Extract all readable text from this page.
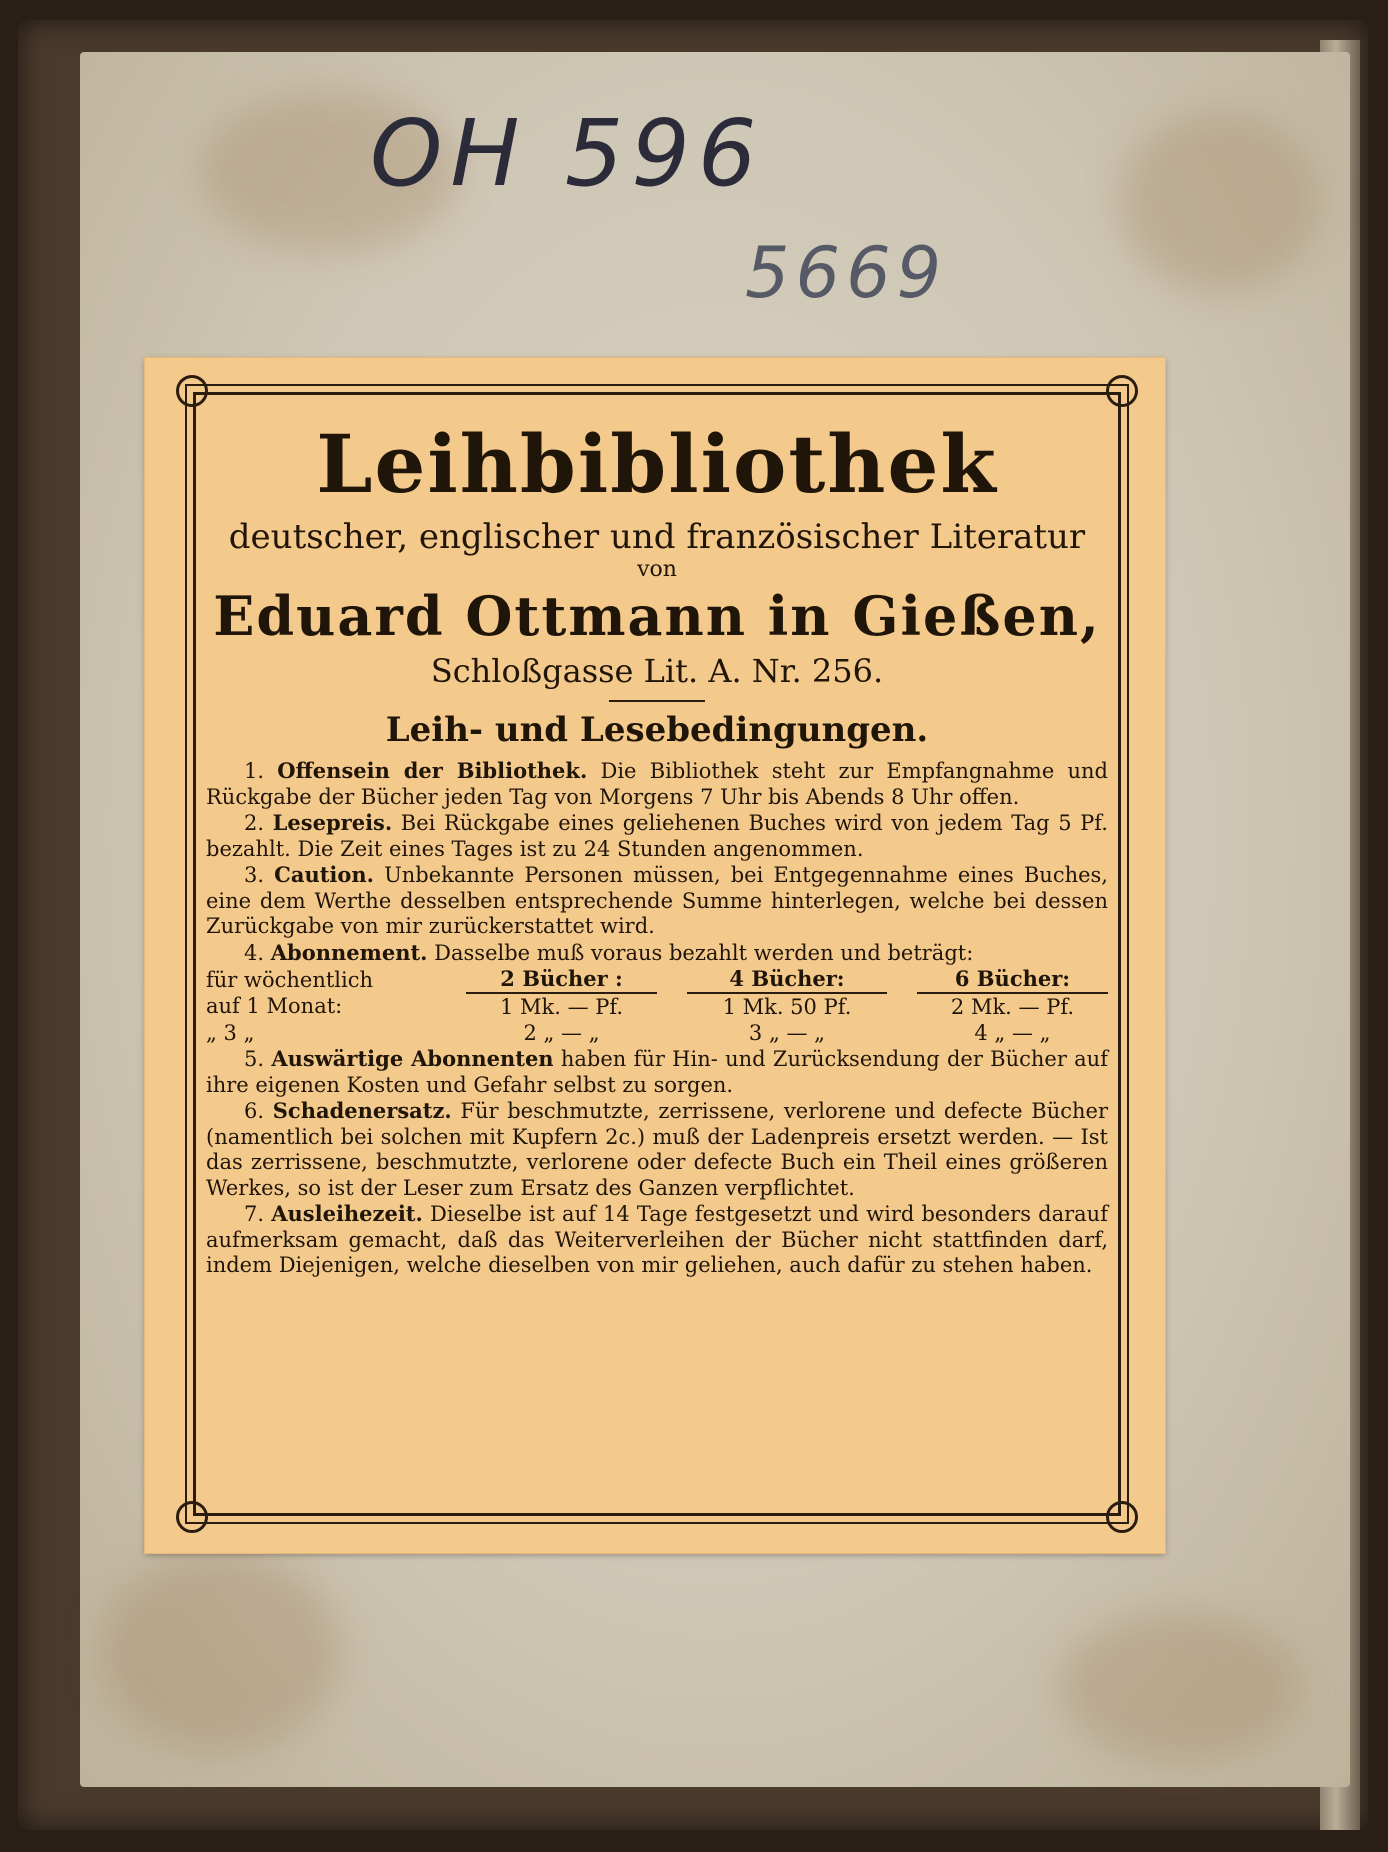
OH 596
5669
Leihbibliothek

deutscher, englischer und französischer Literatur

von

Eduard Ottmann in Gießen,

Schloßgasse Lit. A. Nr. 256.

Leih- und Lesebedingungen.

1. Offensein der Bibliothek. Die Bibliothek steht zur Empfangnahme und Rückgabe der Bücher jeden Tag von Morgens 7 Uhr bis Abends 8 Uhr offen.

2. Lesepreis. Bei Rückgabe eines geliehenen Buches wird von jedem Tag 5 Pf. bezahlt. Die Zeit eines Tages ist zu 24 Stunden angenommen.

3. Caution. Unbekannte Personen müssen, bei Entgegennahme eines Buches, eine dem Werthe desselben entsprechende Summe hinterlegen, welche bei dessen Zurückgabe von mir zurückerstattet wird.

4. Abonnement. Dasselbe muß voraus bezahlt werden und beträgt:

für wöchentlich		2 Bücher :		4 Bücher:		6 Bücher:
auf 1 Monat:		1 Mk. — Pf.		1 Mk. 50 Pf.		2 Mk. — Pf.
„ 3 „		2 „ — „		3 „ — „		4 „ — „

5. Auswärtige Abonnenten haben für Hin- und Zurücksendung der Bücher auf ihre eigenen Kosten und Gefahr selbst zu sorgen.

6. Schadenersatz. Für beschmutzte, zerrissene, verlorene und defecte Bücher (namentlich bei solchen mit Kupfern 2c.) muß der Ladenpreis ersetzt werden. — Ist das zerrissene, beschmutzte, verlorene oder defecte Buch ein Theil eines größeren Werkes, so ist der Leser zum Ersatz des Ganzen verpflichtet.

7. Ausleihezeit. Dieselbe ist auf 14 Tage festgesetzt und wird besonders darauf aufmerksam gemacht, daß das Weiterverleihen der Bücher nicht stattfinden darf, indem Diejenigen, welche dieselben von mir geliehen, auch dafür zu stehen haben.
